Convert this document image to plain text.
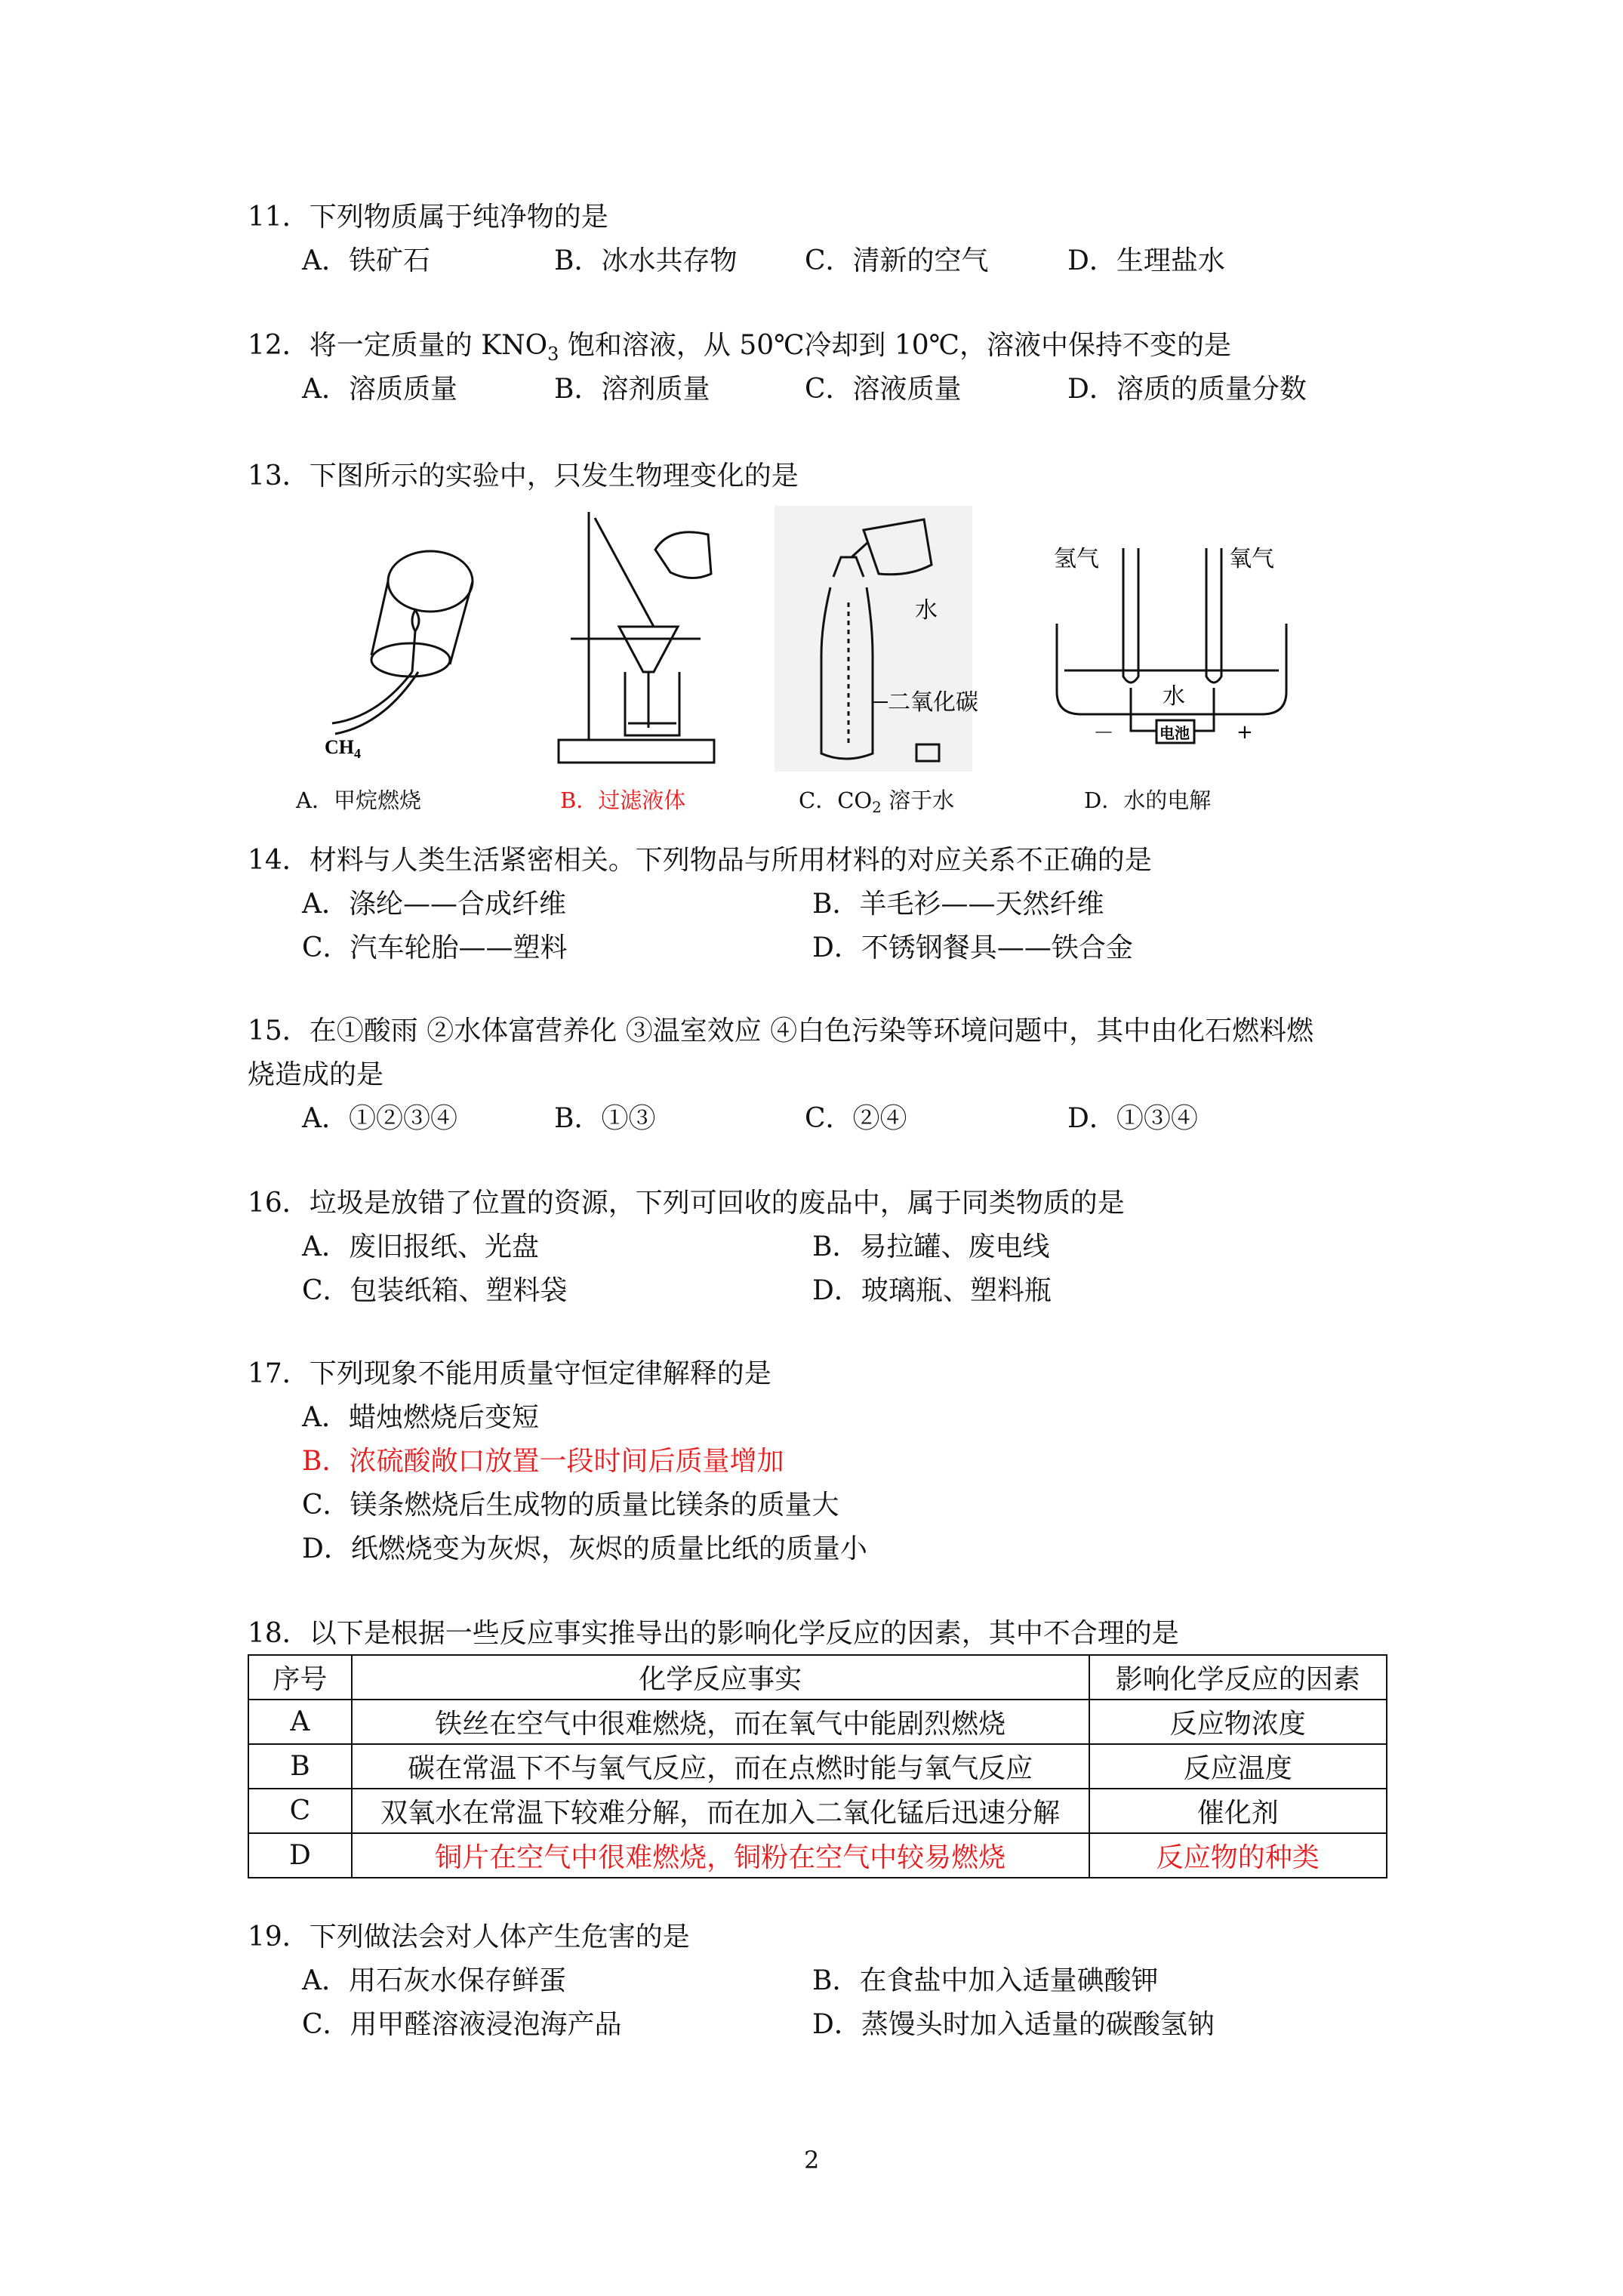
11．下列物质属于纯净物的是
A．铁矿石	B．冰水共存物 C．清新的空气	D．生理盐水
12．将一定质量的 $KNO_3$ 饱和溶液，从 50℃冷却到 10℃，溶液中保持不变的是
A．溶质质量	B．溶剂质量	C．溶液质量	D．溶质的质量分数
13．下图所示的实验中，只发生物理变化的是
$CH_4$
水
二氧化碳
氢气	氧气
水
－	+
电池
A．甲烷燃烧	B．过滤液体	C．$CO_2$ 溶于水	D．水的电解
14．材料与人类生活紧密相关。下列物品与所用材料的对应关系不正确的是
A．涤纶——合成纤维	B．羊毛衫——天然纤维
C．汽车轮胎——塑料	D．不锈钢餐具——铁合金
15．在①酸雨 ②水体富营养化 ③温室效应 ④白色污染等环境问题中，其中由化石燃料燃
烧造成的是
A．①②③④	B．①③	C．②④	D．①③④
16．垃圾是放错了位置的资源，下列可回收的废品中，属于同类物质的是
A．废旧报纸、光盘	B．易拉罐、废电线
C．包装纸箱、塑料袋	D．玻璃瓶、塑料瓶
17．下列现象不能用质量守恒定律解释的是
A．蜡烛燃烧后变短
B．浓硫酸敞口放置一段时间后质量增加
C．镁条燃烧后生成物的质量比镁条的质量大
D．纸燃烧变为灰烬，灰烬的质量比纸的质量小
18．以下是根据一些反应事实推导出的影响化学反应的因素，其中不合理的是
序号	化学反应事实	影响化学反应的因素
A	铁丝在空气中很难燃烧，而在氧气中能剧烈燃烧	反应物浓度
B	碳在常温下不与氧气反应，而在点燃时能与氧气反应	反应温度
C	双氧水在常温下较难分解，而在加入二氧化锰后迅速分解	催化剂
D	铜片在空气中很难燃烧，铜粉在空气中较易燃烧	反应物的种类
19．下列做法会对人体产生危害的是
A．用石灰水保存鲜蛋	B．在食盐中加入适量碘酸钾
C．用甲醛溶液浸泡海产品	D．蒸馒头时加入适量的碳酸氢钠
2
